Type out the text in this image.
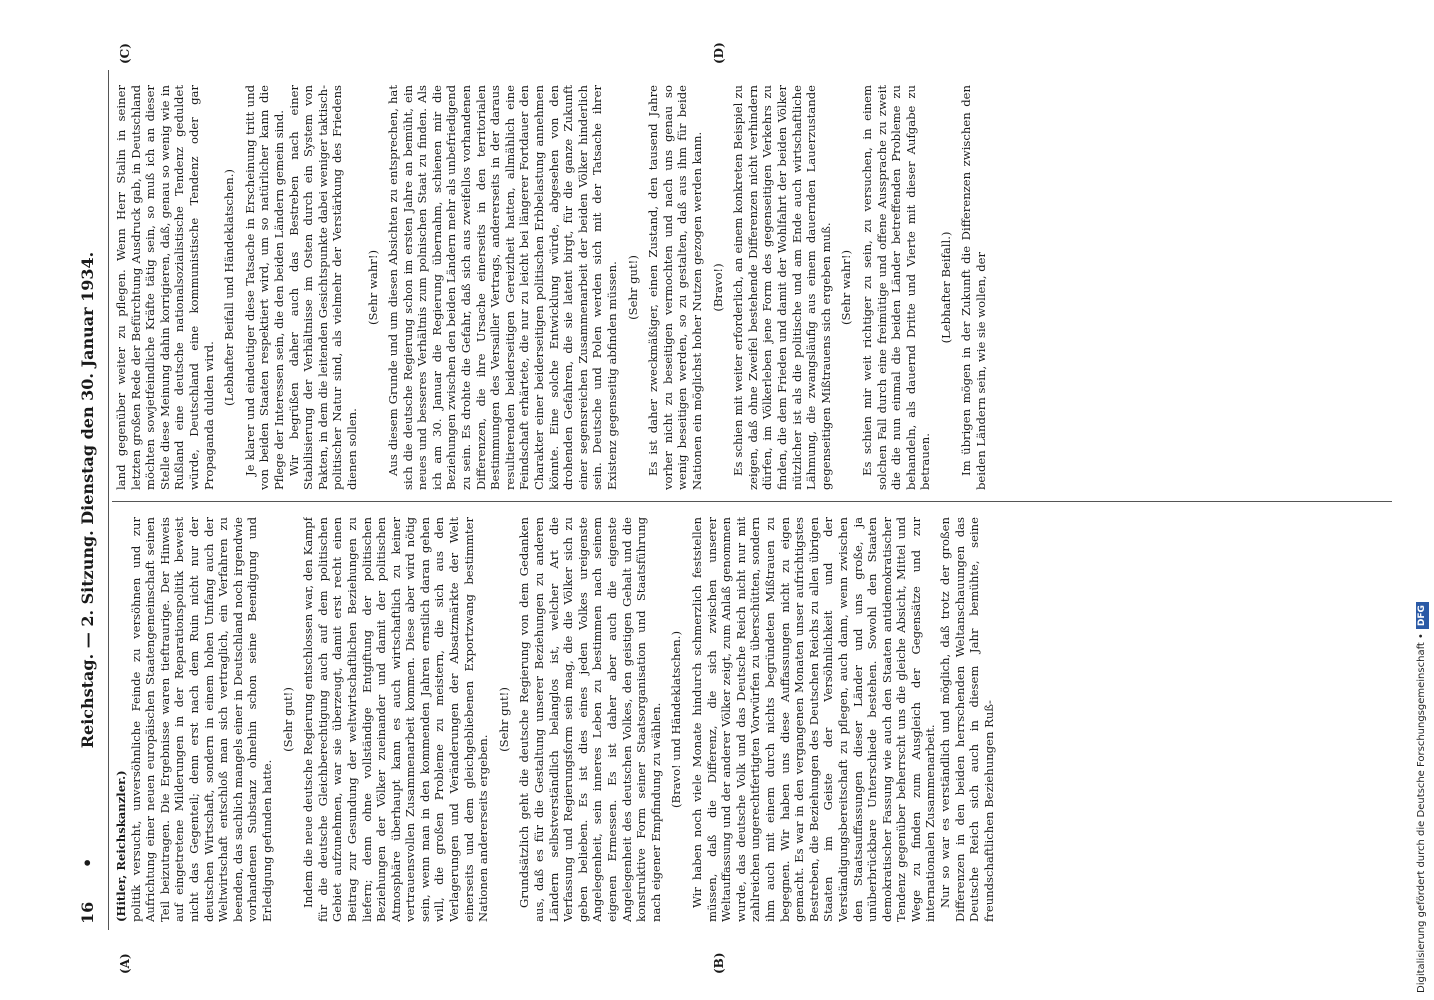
16
•
Reichstag. — 2. Sitzung. Dienstag den 30. Januar 1934.
(A)	(B)
(C)	(D)

(Hitler, Reichskanzler.) politik versucht, unversöhnliche Feinde zu versöhnen und zur Aufrichtung einer neuen europäischen Staatengemeinschaft seinen Teil beizutragen. Die Ergebnisse waren tieftraurige. Der Hinweis auf eingetretene Milderungen in der Reparationspolitik beweist nicht das Gegenteil; denn erst nach dem Ruin nicht nur der deutschen Wirtschaft, sondern in einem hohen Umfang auch der Weltwirtschaft entschloß man sich vertraglich, ein Verfahren zu beenden, das sachlich mangels einer in Deutschland noch irgendwie vorhandenen Substanz ohnehin schon seine Beendigung und Erledigung gefunden hatte.

(Sehr gut!) Indem die neue deutsche Regierung entschlossen war, den Kampf für die deutsche Gleichberechtigung auch auf dem politischen Gebiet aufzunehmen, war sie überzeugt, damit erst recht einen Beitrag zur Gesundung der weltwirtschaftlichen Beziehungen zu liefern; denn ohne vollständige Entgiftung der politischen Beziehungen der Völker zueinander und damit der politischen Atmosphäre überhaupt kann es auch wirtschaftlich zu keiner vertrauensvollen Zusammenarbeit kommen. Diese aber wird nötig sein, wenn man in den kommenden Jahren ernstlich daran gehen will, die großen Probleme zu meistern, die sich aus den Verlagerungen und Veränderungen der Absatzmärkte der Welt einerseits und dem gleichgebliebenen Exportzwang bestimmter Nationen andererseits ergeben.

(Sehr gut!) Grundsätzlich geht die deutsche Regierung von dem Gedanken aus, daß es für die Gestaltung unserer Beziehungen zu anderen Ländern selbstverständlich belanglos ist, welcher Art die Verfassung und Regierungsform sein mag, die die Völker sich zu geben belieben. Es ist dies eines jeden Volkes ureigenste Angelegenheit, sein inneres Leben zu bestimmen nach seinem eigenen Ermessen. Es ist daher aber auch die eigenste Angelegenheit des deutschen Volkes, den geistigen Gehalt und die konstruktive Form seiner Staatsorganisation und Staatsführung nach eigener Empfindung zu wählen. (Bravo! und Händeklatschen.) Wir haben noch viele Monate hindurch schmerzlich feststellen müssen, daß die Differenz, die sich zwischen unserer Weltauffassung und der anderer Völker zeigt, zum Anlaß genommen wurde, das deutsche Volk und das Deutsche Reich nicht nur mit zahlreichen ungerechtfertigten Vorwürfen zu überschütten, sondern ihm auch mit einem durch nichts begründeten Mißtrauen zu begegnen. Wir haben uns diese Auffassungen nicht zu eigen gemacht. Es war in den vergangenen Monaten unser aufrichtigstes Bestreben, die Beziehungen des Deutschen Reichs zu allen übrigen Staaten im Geiste der Versöhnlichkeit und der Verständigungsbereitschaft zu pflegen, auch dann, wenn zwischen den Staatsauffassungen dieser Länder und uns große, ja unüberbrückbare Unterschiede bestehen. Sowohl den Staaten demokratischer Fassung wie auch den Staaten antidemokratischer Tendenz gegenüber beherrscht uns die gleiche Absicht, Mittel und Wege zu finden zum Ausgleich der Gegensätze und zur internationalen Zusammenarbeit. Nur so war es verständlich und möglich, daß trotz der großen Differenzen in den beiden herrschenden Weltanschauungen das Deutsche Reich sich auch in diesem Jahr bemühte, seine freundschaftlichen Beziehungen Ruß-

land gegenüber weiter zu pflegen. Wenn Herr Stalin in seiner letzten großen Rede der Befürchtung Ausdruck gab, in Deutschland möchten sowjetfeindliche Kräfte tätig sein, so muß ich an dieser Stelle diese Meinung dahin korrigieren, daß, genau so wenig wie in Rußland eine deutsche nationalsozialistische Tendenz geduldet würde, Deutschland eine kommunistische Tendenz oder gar Propaganda dulden wird.

(Lebhafter Beifall und Händeklatschen.) Je klarer und eindeutiger diese Tatsache in Erscheinung tritt und von beiden Staaten respektiert wird, um so natürlicher kann die Pflege der Interessen sein, die den beiden Ländern gemein sind. Wir begrüßen daher auch das Bestreben nach einer Stabilisierung der Verhältnisse im Osten durch ein System von Pakten, in dem die leitenden Gesichtspunkte dabei weniger taktisch-politischer Natur sind, als vielmehr der Verstärkung des Friedens dienen sollen.

(Sehr wahr!) Aus diesem Grunde und um diesen Absichten zu entsprechen, hat sich die deutsche Regierung schon im ersten Jahre an bemüht, ein neues und besseres Verhältnis zum polnischen Staat zu finden. Als ich am 30. Januar die Regierung übernahm, schienen mir die Beziehungen zwischen den beiden Ländern mehr als unbefriedigend zu sein. Es drohte die Gefahr, daß sich aus zweifellos vorhandenen Differenzen, die ihre Ursache einerseits in den territorialen Bestimmungen des Versailler Vertrags, andererseits in der daraus resultierenden beiderseitigen Gereiztheit hatten, allmählich eine Feindschaft erhärtete, die nur zu leicht bei längerer Fortdauer den Charakter einer beiderseitigen politischen Erbbelastung annehmen könnte. Eine solche Entwicklung würde, abgesehen von den drohenden Gefahren, die sie latent birgt, für die ganze Zukunft einer segensreichen Zusammenarbeit der beiden Völker hinderlich sein. Deutsche und Polen werden sich mit der Tatsache ihrer Existenz gegenseitig abfinden müssen. (Sehr gut!) Es ist daher zweckmäßiger, einen Zustand, den tausend Jahre vorher nicht zu beseitigen vermochten und nach uns genau so wenig beseitigen werden, so zu gestalten, daß aus ihm für beide Nationen ein möglichst hoher Nutzen gezogen werden kann. (Bravo!) Es schien mit weiter erforderlich, an einem konkreten Beispiel zu zeigen, daß ohne Zweifel bestehende Differenzen nicht verhindern dürfen, im Völkerleben jene Form des gegenseitigen Verkehrs zu finden, die dem Frieden und damit der Wohlfahrt der beiden Völker nützlicher ist als die politische und am Ende auch wirtschaftliche Lähmung, die zwangsläufig aus einem dauernden Lauerzustande gegenseitigen Mißtrauens sich ergeben muß. (Sehr wahr!) Es schien mir weit richtiger zu sein, zu versuchen, in einem solchen Fall durch eine freimütige und offene Aussprache zu zweit die die nun einmal die beiden Länder betreffenden Probleme zu behandeln, als dauernd Dritte und Vierte mit dieser Aufgabe zu betrauen.

(Lebhafter Beifall.) Im übrigen mögen in der Zukunft die Differenzen zwischen den beiden Ländern sein, wie sie wollen, der

Digitalisierung gefördert durch die Deutsche Forschungsgemeinschaft •DFG
